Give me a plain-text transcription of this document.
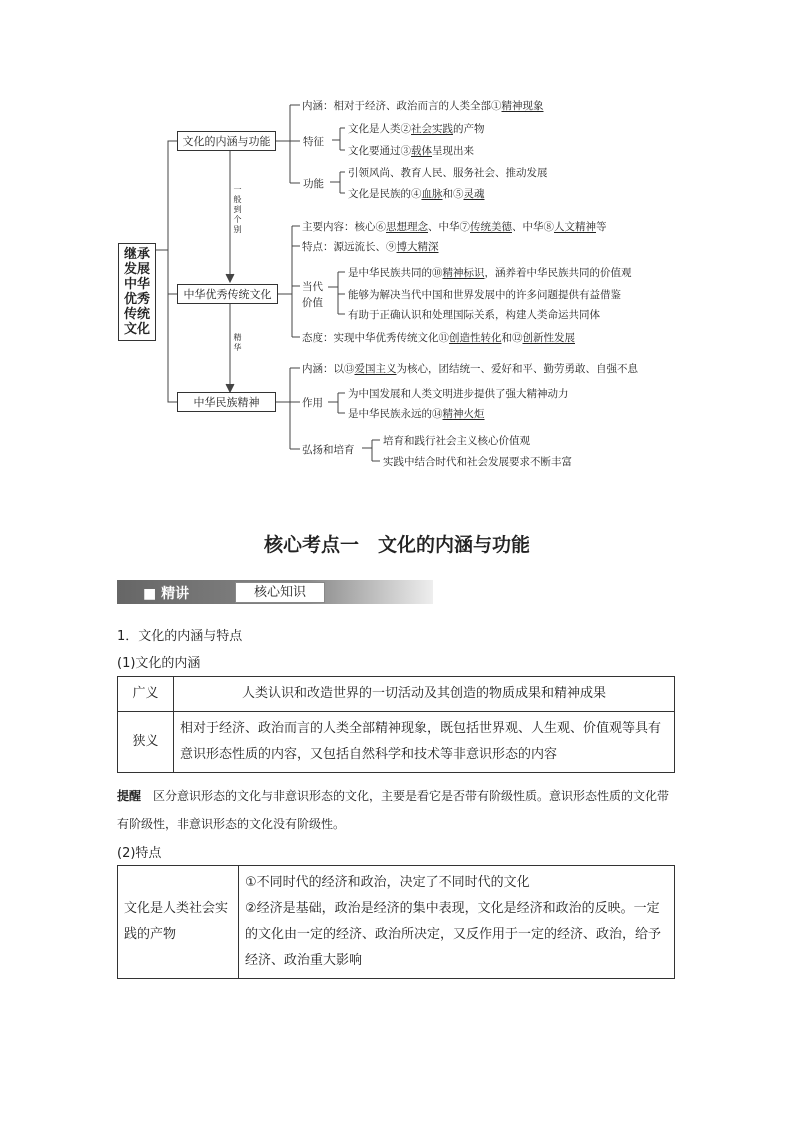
继承发展中华优秀传统文化
文化的内涵与功能
中华优秀传统文化
中华民族精神
一般到个别
精华
内涵：相对于经济、政治而言的人类全部①精神现象
特征
文化是人类②社会实践的产物
文化要通过③载体呈现出来
功能
引领风尚、教育人民、服务社会、推动发展
文化是民族的④血脉和⑤灵魂
主要内容：核心⑥思想理念、中华⑦传统美德、中华⑧人文精神等
特点：源远流长、⑨博大精深
当代
价值
是中华民族共同的⑩精神标识，涵养着中华民族共同的价值观
能够为解决当代中国和世界发展中的许多问题提供有益借鉴
有助于正确认识和处理国际关系，构建人类命运共同体
态度：实现中华优秀传统文化⑪创造性转化和⑫创新性发展
内涵：以⑬爱国主义为核心，团结统一、爱好和平、勤劳勇敢、自强不息
作用
为中国发展和人类文明进步提供了强大精神动力
是中华民族永远的⑭精神火炬
弘扬和培育
培育和践行社会主义核心价值观
实践中结合时代和社会发展要求不断丰富
核心考点一　文化的内涵与功能
■ 精讲	核心知识
1．文化的内涵与特点
(1)文化的内涵
广义	人类认识和改造世界的一切活动及其创造的物质成果和精神成果
狭义	相对于经济、政治而言的人类全部精神现象，既包括世界观、人生观、价值观等具有意识形态性质的内容，又包括自然科学和技术等非意识形态的内容
提醒　区分意识形态的文化与非意识形态的文化，主要是看它是否带有阶级性质。意识形态性质的文化带有阶级性，非意识形态的文化没有阶级性。
(2)特点
文化是人类社会实践的产物	
①不同时代的经济和政治，决定了不同时代的文化
②经济是基础，政治是经济的集中表现，文化是经济和政治的反映。一定的文化由一定的经济、政治所决定，又反作用于一定的经济、政治，给予经济、政治重大影响
